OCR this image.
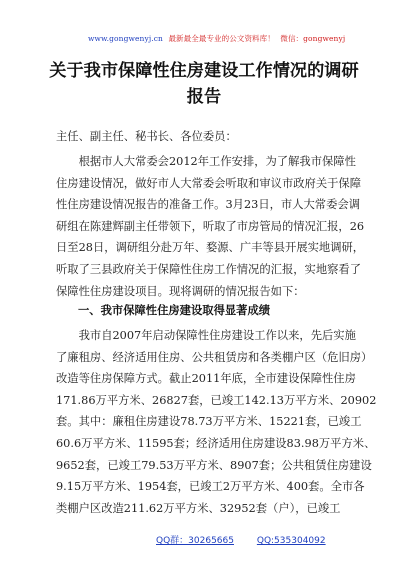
www.gongwenyj.cn 最新最全最专业的公文资料库！ 微信：gongwenyj
关于我市保障性住房建设工作情况的调研
报告
主任、副主任、秘书长、各位委员：
　　根据市人大常委会2012年工作安排，为了解我市保障性
住房建设情况，做好市人大常委会听取和审议市政府关于保障
性住房建设情况报告的准备工作。3月23日，市人大常委会调
研组在陈建辉副主任带领下，听取了市房管局的情况汇报，26
日至28日，调研组分赴万年、婺源、广丰等县开展实地调研，
听取了三县政府关于保障性住房工作情况的汇报，实地察看了
保障性住房建设项目。现将调研的情况报告如下：
一、我市保障性住房建设取得显著成绩
　　我市自2007年启动保障性住房建设工作以来，先后实施
了廉租房、经济适用住房、公共租赁房和各类棚户区（危旧房）
改造等住房保障方式。截止2011年底，全市建设保障性住房
171.86万平方米、26827套，已竣工142.13万平方米、20902
套。其中：廉租住房建设78.73万平方米、15221套，已竣工
60.6万平方米、11595套；经济适用住房建设83.98万平方米、
9652套，已竣工79.53万平方米、8907套；公共租赁住房建设
9.15万平方米、1954套，已竣工2万平方米、400套。全市各
类棚户区改造211.62万平方米、32952套（户），已竣工
QQ群：30265665	QQ:535304092
